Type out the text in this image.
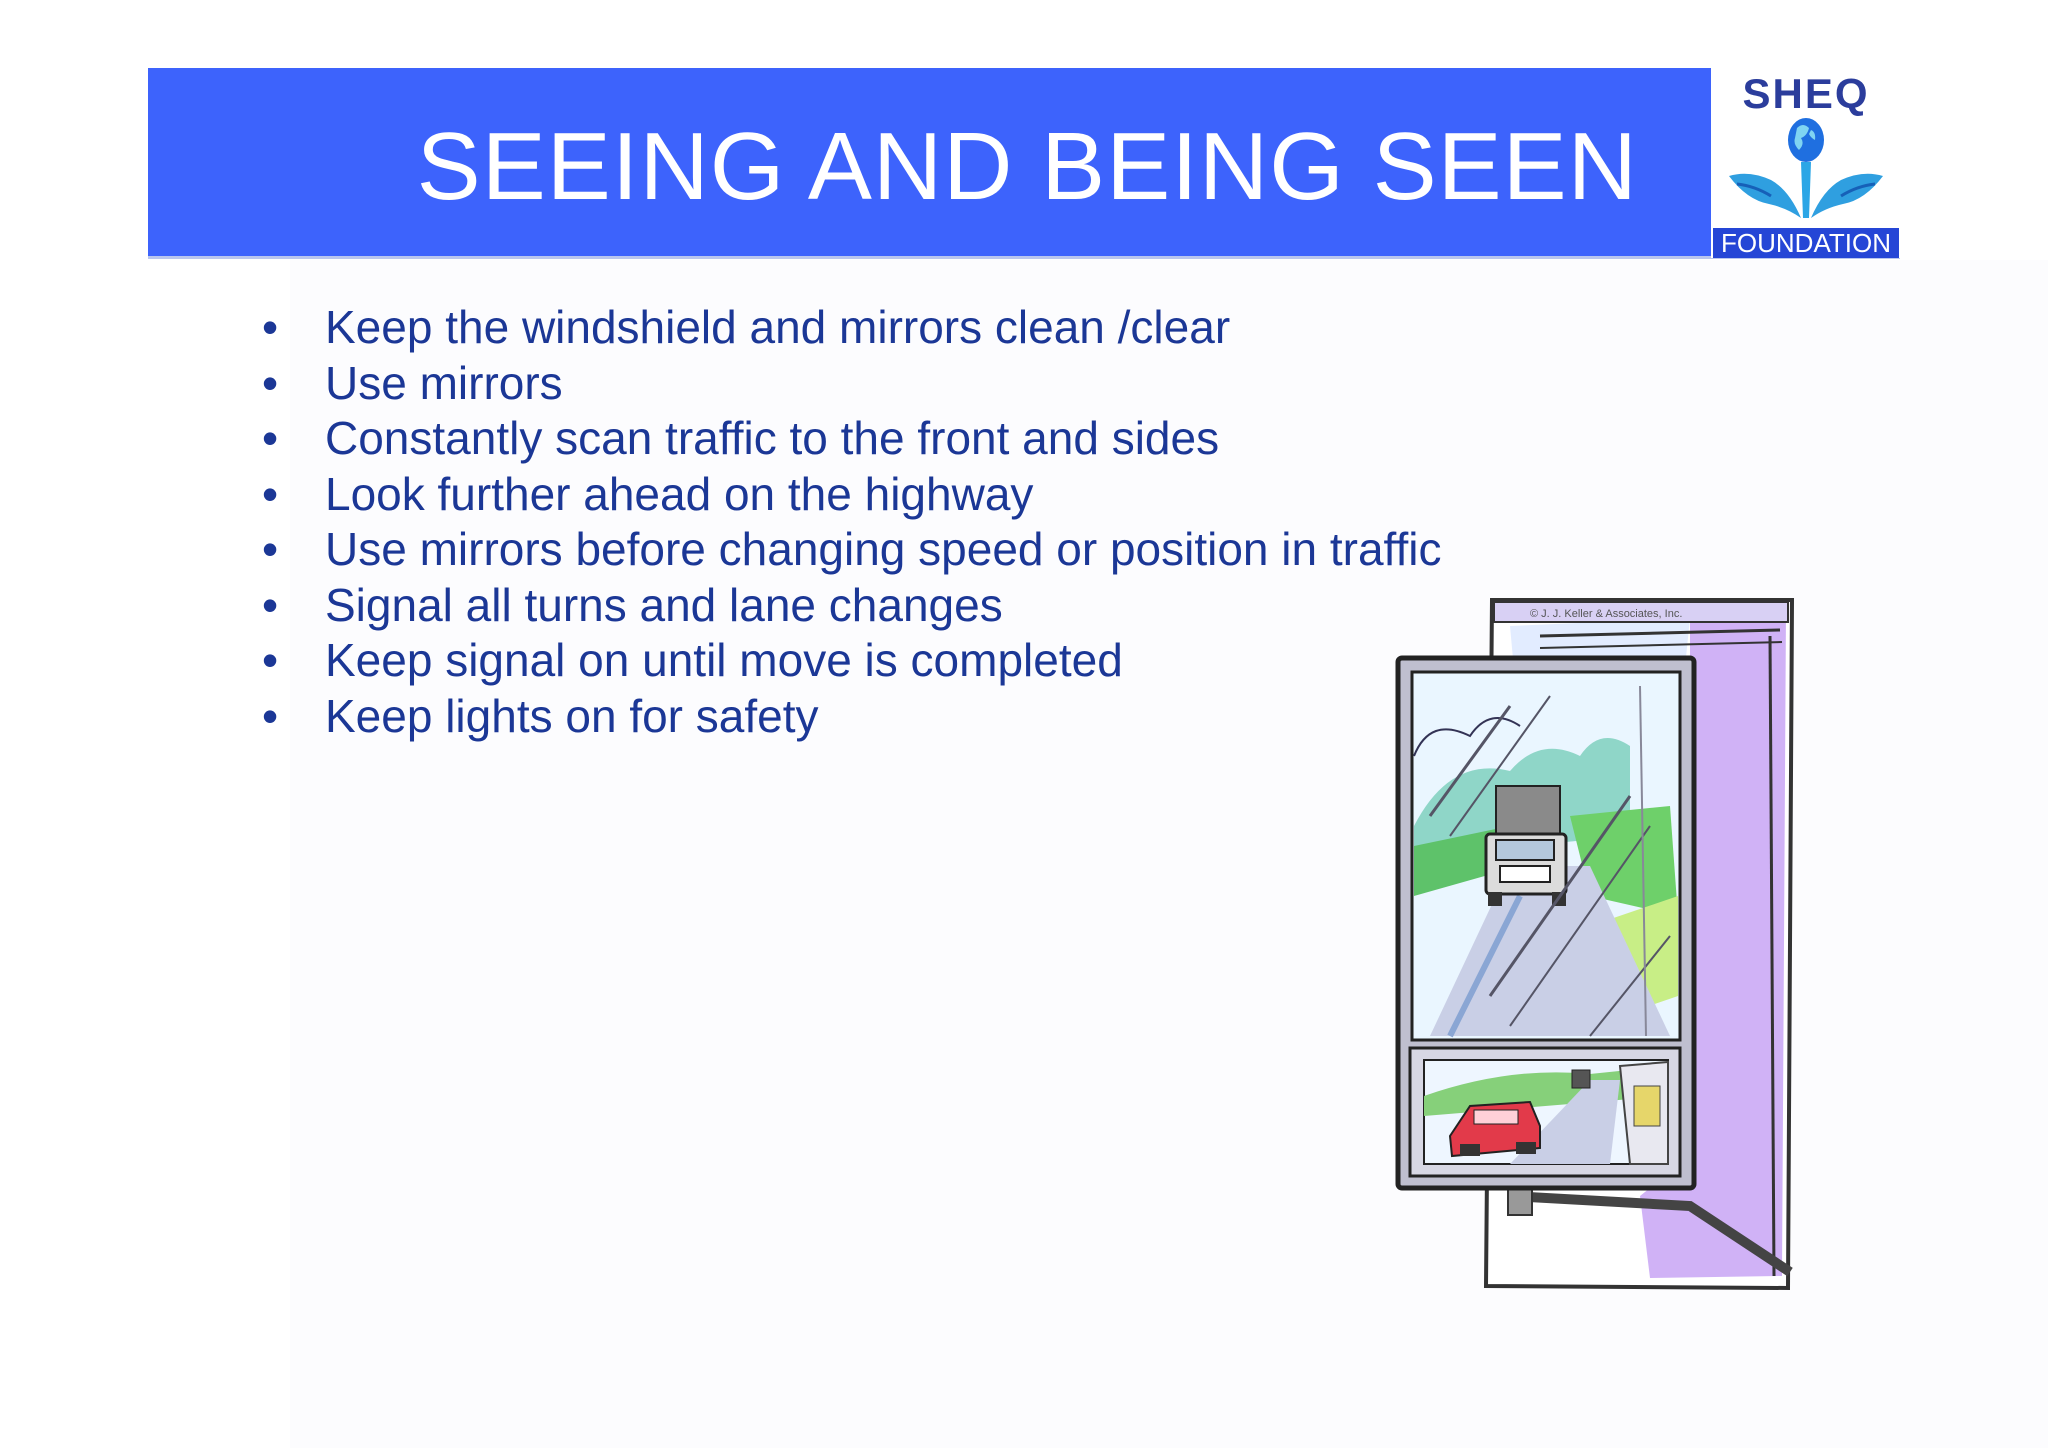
SEEING AND BEING SEEN
SHEQ
FOUNDATION
• Keep the windshield and mirrors clean /clear
• Use mirrors
• Constantly scan traffic to the front and sides
• Look further ahead on the highway
• Use mirrors before changing speed or position in traffic
• Signal all turns and lane changes
• Keep signal on until move is completed
• Keep lights on for safety
© J. J. Keller & Associates, Inc.
